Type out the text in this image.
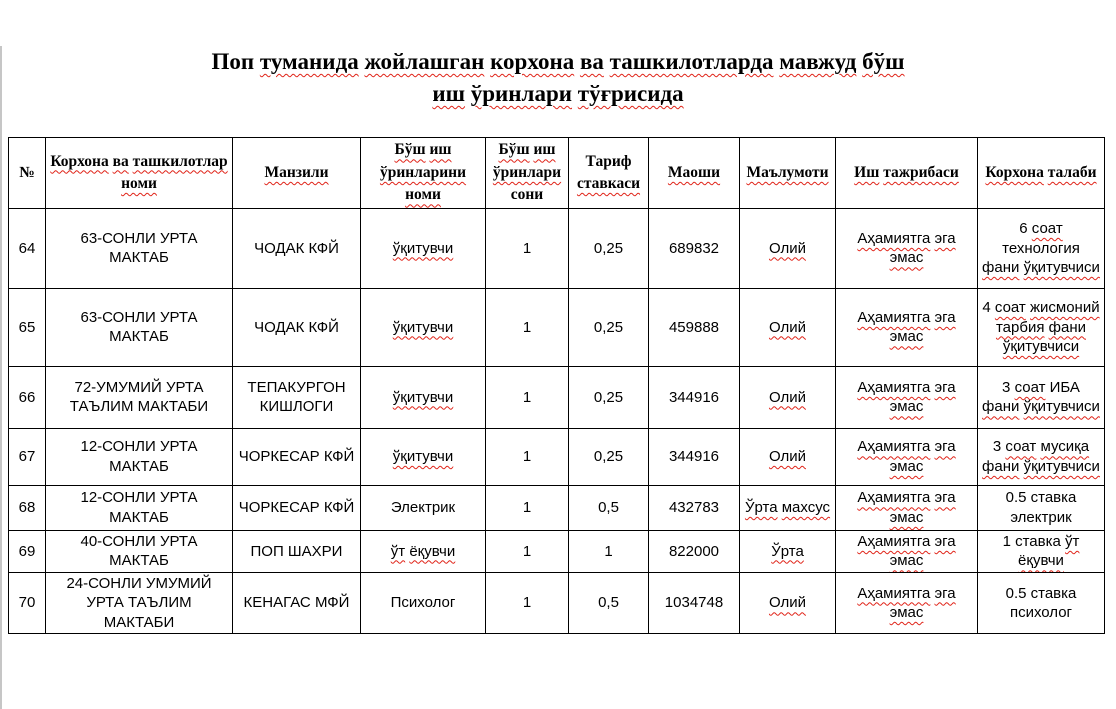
Поп туманида жойлашган корхона ва ташкилотларда мавжуд бўш
иш ўринлари тўғрисида
№	Корхона ва ташкилотлар номи	Манзили	Бўш иш ўринларини номи	Бўш иш ўринлари сони	Тариф ставкаси	Маоши	Маълумоти	Иш тажрибаси	Корхона талаби
64	63-СОНЛИ УРТА МАКТАБ	ЧОДАК КФЙ	ўқитувчи	1	0,25	689832	Олий	Аҳамиятга эга эмас	6 соат технология фани ўқитувчиси
65	63-СОНЛИ УРТА МАКТАБ	ЧОДАК КФЙ	ўқитувчи	1	0,25	459888	Олий	Аҳамиятга эга эмас	4 соат жисмоний тарбия фани ўқитувчиси
66	72-УМУМИЙ УРТА ТАЪЛИМ МАКТАБИ	ТЕПАКУРГОН КИШЛОГИ	ўқитувчи	1	0,25	344916	Олий	Аҳамиятга эга эмас	3 соат ИБА фани ўқитувчиси
67	12-СОНЛИ УРТА МАКТАБ	ЧОРКЕСАР КФЙ	ўқитувчи	1	0,25	344916	Олий	Аҳамиятга эга эмас	3 соат мусиқа фани ўқитувчиси
68	12-СОНЛИ УРТА МАКТАБ	ЧОРКЕСАР КФЙ	Электрик	1	0,5	432783	Ўрта махсус	Аҳамиятга эга эмас	0.5 ставка электрик
69	40-СОНЛИ УРТА МАКТАБ	ПОП ШАХРИ	ўт ёқувчи	1	1	822000	Ўрта	Аҳамиятга эга эмас	1 ставка ўт ёқувчи
70	24-СОНЛИ УМУМИЙ УРТА ТАЪЛИМ МАКТАБИ	КЕНАГАС МФЙ	Психолог	1	0,5	1034748	Олий	Аҳамиятга эга эмас	0.5 ставка психолог
